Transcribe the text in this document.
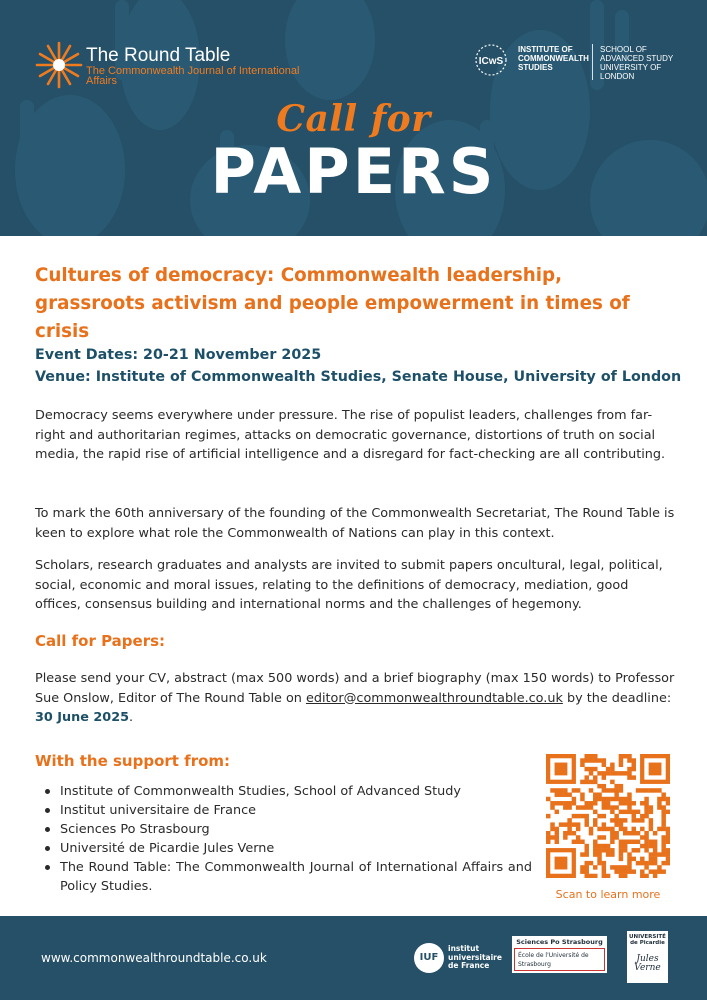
The Round Table
The Commonwealth Journal of International Affairs
ICwS
INSTITUTE OF COMMONWEALTH STUDIES
SCHOOL OF ADVANCED STUDY UNIVERSITY OF LONDON
Call for
PAPERS
Cultures of democracy: Commonwealth leadership, grassroots activism and people empowerment in times of crisis
Event Dates: 20-21 November 2025
Venue: Institute of Commonwealth Studies, Senate House, University of London

Democracy seems everywhere under pressure. The rise of populist leaders, challenges from far-right and authoritarian regimes, attacks on democratic governance, distortions of truth on social media, the rapid rise of artificial intelligence and a disregard for fact-checking are all contributing.

To mark the 60th anniversary of the founding of the Commonwealth Secretariat, The Round Table is keen to explore what role the Commonwealth of Nations can play in this context.

Scholars, research graduates and analysts are invited to submit papers oncultural, legal, political, social, economic and moral issues, relating to the definitions of democracy, mediation, good offices, consensus building and international norms and the challenges of hegemony.

Call for Papers:

Please send your CV, abstract (max 500 words) and a brief biography (max 150 words) to Professor Sue Onslow, Editor of The Round Table on editor@commonwealthroundtable.co.uk by the deadline: 30 June 2025.

With the support from:
Institute of Commonwealth Studies, School of Advanced Study
Institut universitaire de France
Sciences Po Strasbourg
Université de Picardie Jules Verne
The Round Table: The Commonwealth Journal of International Affairs and Policy Studies.
Scan to learn more
www.commonwealthroundtable.co.uk	IUF
institut universitaire de France
Sciences Po Strasbourg
École de l'Université de Strasbourg
UNIVERSITÉ de Picardie
Jules Verne
